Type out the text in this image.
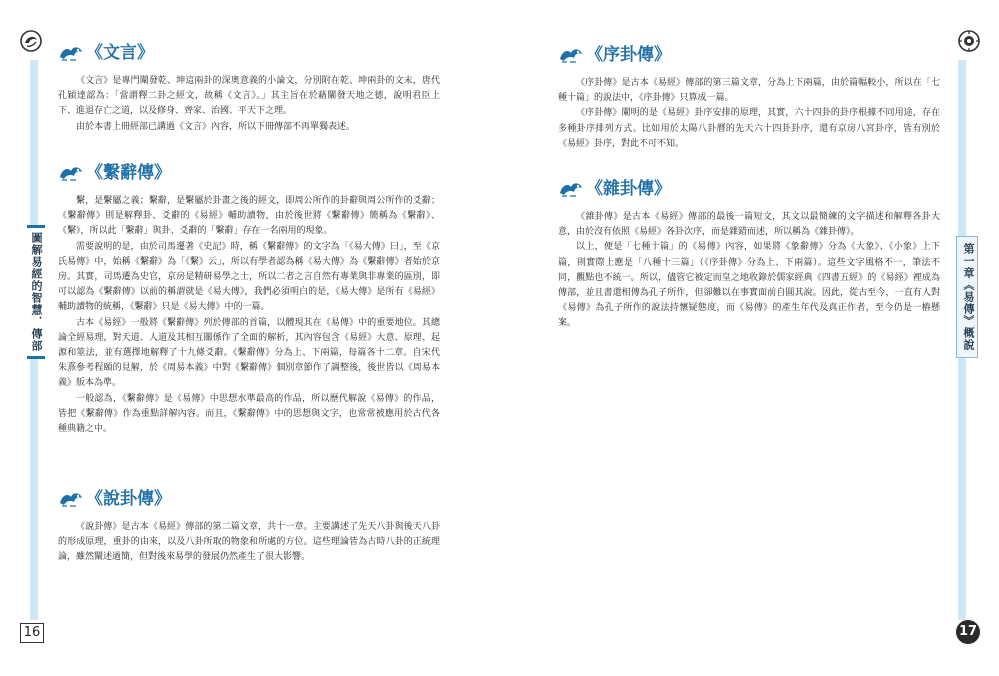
圖解易經的智慧．傳部
《文言》

《文言》是專門闡發乾、坤這兩卦的深奧意義的小論文，分別附在乾、坤兩卦的文末，唐代孔穎達認為：「當謂釋二卦之經文，故稱《文言》。」其主旨在於藉闡發天地之德，說明君臣上下、進退存亡之道，以及修身、齊家、治國、平天下之理。

由於本書上冊經部已講過《文言》內容，所以下冊傳部不再單獨表述。

《繫辭傳》

繫，是繫屬之義；繫辭，是繫屬於卦畫之後的經文，即周公所作的卦辭與周公所作的爻辭；《繫辭傳》則是解釋卦、爻辭的《易經》輔助讀物，由於後世將《繫辭傳》簡稱為《繫辭》、《繫》，所以此「繫辭」與卦、爻辭的「繫辭」存在一名兩用的現象。

需要說明的是，由於司馬遷著《史記》時，稱《繫辭傳》的文字為「《易大傳》曰」，至《京氏易傳》中，始稱《繫辭》為「《繫》云」，所以有學者認為稱《易大傳》為《繫辭傳》者始於京房。其實，司馬遷為史官，京房是精研易學之士，所以二者之言自然有專業與非專業的區別，即可以認為《繫辭傳》以前的稱謂就是《易大傳》，我們必須明白的是，《易大傳》是所有《易經》輔助讀物的統稱，《繫辭》只是《易大傳》中的一篇。

古本《易經》一般將《繫辭傳》列於傳部的首篇，以體現其在《易傳》中的重要地位。其總論全經易理，對天道、人道及其相互關係作了全面的解析，其內容包含《易經》大意、原理、起源和筮法，並有選擇地解釋了十九條爻辭。《繫辭傳》分為上、下兩篇，每篇各十二章。自宋代朱熹參考程頤的見解，於《周易本義》中對《繫辭傳》個別章節作了調整後，後世皆以《周易本義》版本為準。

一般認為，《繫辭傳》是《易傳》中思想水準最高的作品，所以歷代解說《易傳》的作品，皆把《繫辭傳》作為重點詳解內容。而且，《繫辭傳》中的思想與文字，也常常被應用於古代各種典籍之中。

《說卦傳》

《說卦傳》是古本《易經》傳部的第二篇文章，共十一章。主要講述了先天八卦與後天八卦的形成原理，重卦的由來，以及八卦所取的物象和所處的方位。這些理論皆為古時八卦的正統理論，雖然闡述過簡，但對後來易學的發展仍然產生了很大影響。

16
《序卦傳》

《序卦傳》是古本《易經》傳部的第三篇文章，分為上下兩篇，由於篇幅較小，所以在「七種十篇」的說法中，《序卦傳》只算成一篇。

《序卦傳》闡明的是《易經》卦序安排的原理，其實，六十四卦的卦序根據不同用途，存在多種卦序排列方式。比如用於太陽八卦曆的先天六十四卦卦序，還有京房八宮卦序，皆有別於《易經》卦序，對此不可不知。

《雜卦傳》

《雜卦傳》是古本《易經》傳部的最後一篇短文，其文以最簡練的文字描述和解釋各卦大意，由於沒有依照《易經》各卦次序，而是雜錯而述，所以稱為《雜卦傳》。

以上，便是「七種十篇」的《易傳》內容，如果將《象辭傳》分為《大象》、《小象》上下篇，則實際上應是「八種十三篇」（《序卦傳》分為上、下兩篇）。這些文字風格不一，筆法不同，觀點也不統一。所以，儘管它被定而皇之地收錄於儒家經典《四書五經》的《易經》裡成為傳部，並且書還相傳為孔子所作，但卻難以在事實面前自圓其說。因此，從古至今，一直有人對《易傳》為孔子所作的說法持懷疑態度，而《易傳》的產生年代及真正作者，至今仍是一樁懸案。	第一章《易傳》概說
17
